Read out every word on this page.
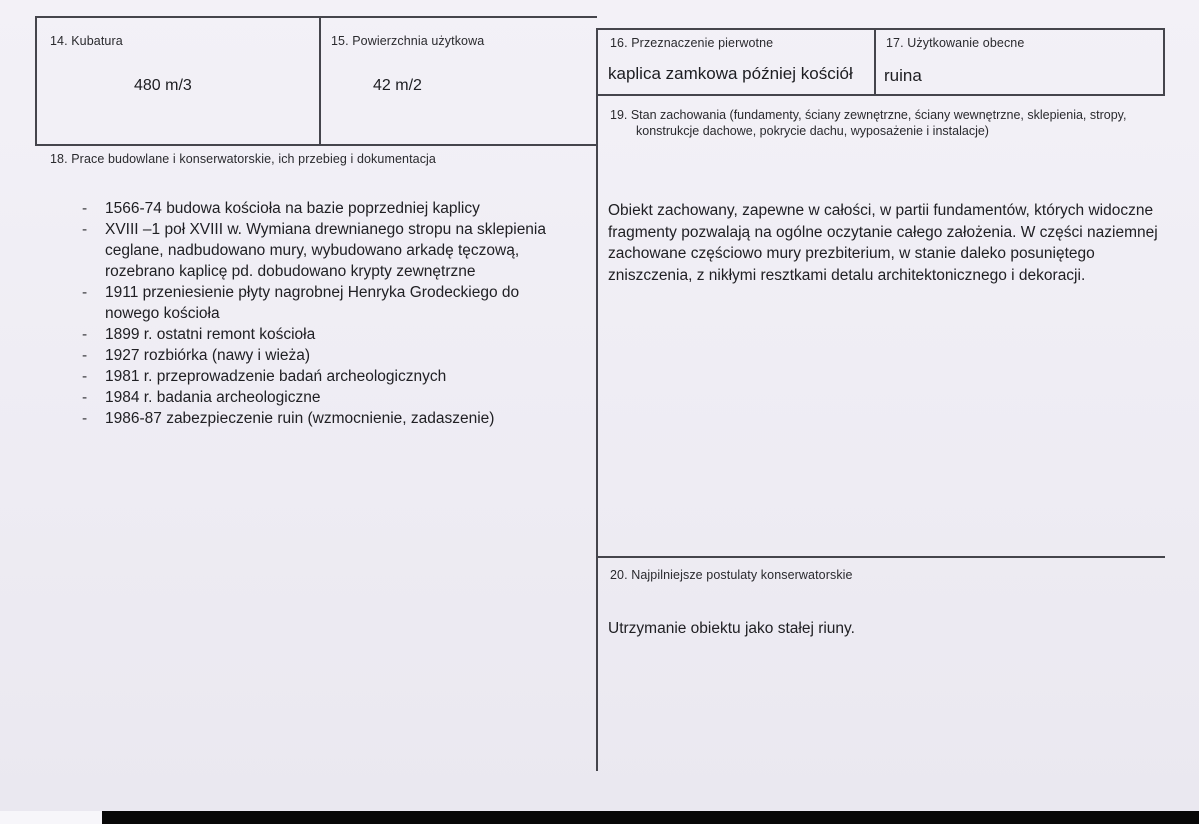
14. Kubatura
480 m/3
15. Powierzchnia użytkowa
42 m/2
16. Przeznaczenie pierwotne
kaplica zamkowa później kościół
17. Użytkowanie obecne
ruina
18. Prace budowlane i konserwatorskie, ich przebieg i dokumentacja
- 1566-74 budowa kościoła na bazie poprzedniej kaplicy
- XVIII –1 poł XVIII w. Wymiana drewnianego stropu na sklepienia ceglane, nadbudowano mury, wybudowano arkadę tęczową, rozebrano kaplicę pd. dobudowano krypty zewnętrzne
- 1911 przeniesienie płyty nagrobnej Henryka Grodeckiego do nowego kościoła
- 1899 r. ostatni remont kościoła
- 1927 rozbiórka (nawy i wieża)
- 1981 r. przeprowadzenie badań archeologicznych
- 1984 r. badania archeologiczne
- 1986-87 zabezpieczenie ruin (wzmocnienie, zadaszenie)
19. Stan zachowania (fundamenty, ściany zewnętrzne, ściany wewnętrzne, sklepienia, stropy, konstrukcje dachowe, pokrycie dachu, wyposażenie i instalacje)
Obiekt zachowany, zapewne w całości, w partii fundamentów, których widoczne fragmenty pozwalają na ogólne oczytanie całego założenia. W części naziemnej zachowane częściowo mury prezbiterium, w stanie daleko posuniętego zniszczenia, z nikłymi resztkami detalu architektonicznego i dekoracji.
20. Najpilniejsze postulaty konserwatorskie
Utrzymanie obiektu jako stałej riuny.
